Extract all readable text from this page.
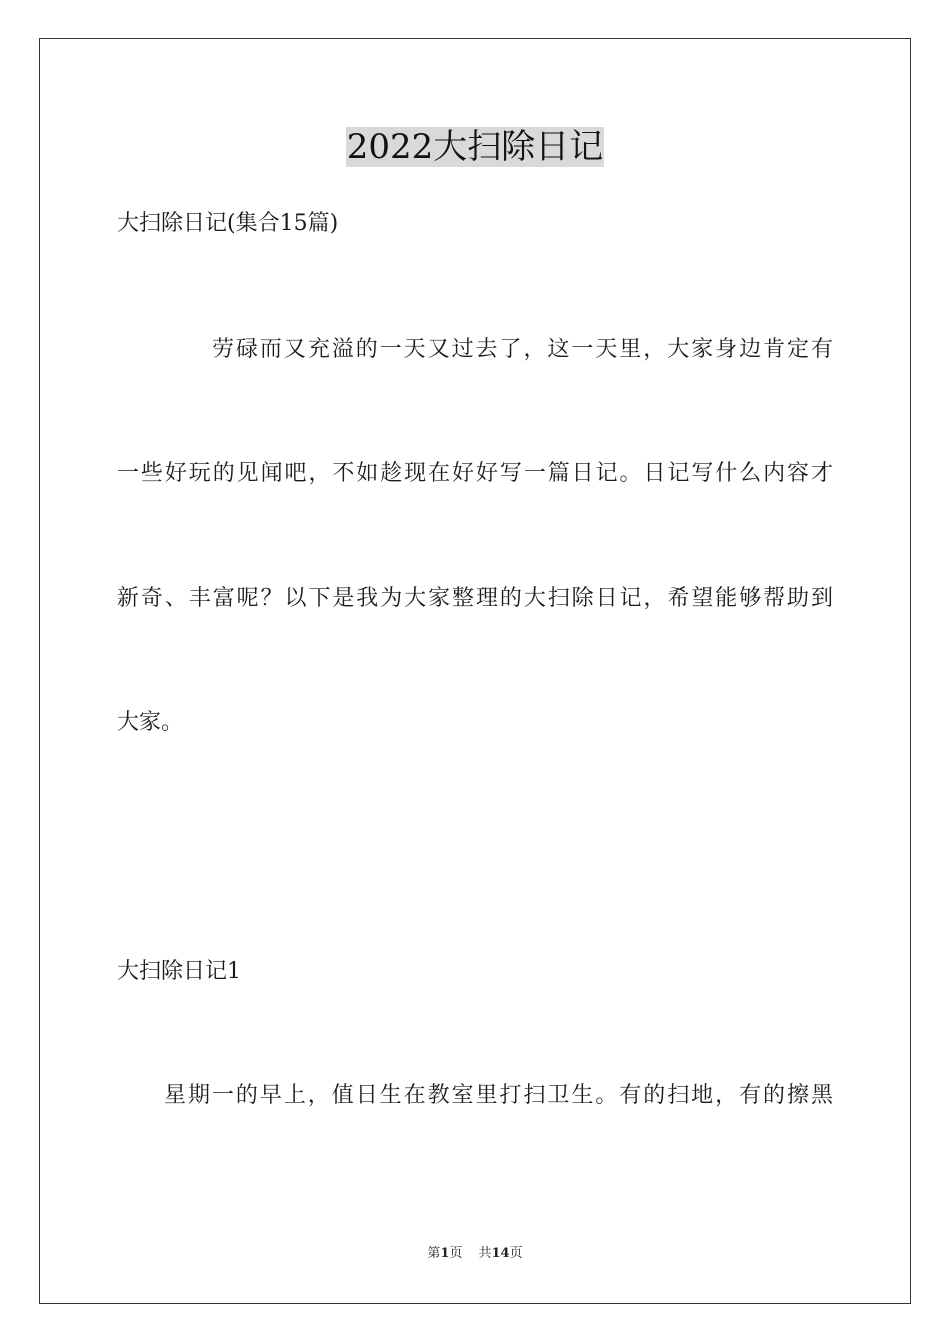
2022大扫除日记
大扫除日记(集合15篇)
劳碌而又充溢的一天又过去了，这一天里，大家身边肯定有
一些好玩的见闻吧，不如趁现在好好写一篇日记。日记写什么内容才
新奇、丰富呢？以下是我为大家整理的大扫除日记，希望能够帮助到
大家。
大扫除日记1
星期一的早上，值日生在教室里打扫卫生。有的扫地，有的擦黑
第1页 共14页
